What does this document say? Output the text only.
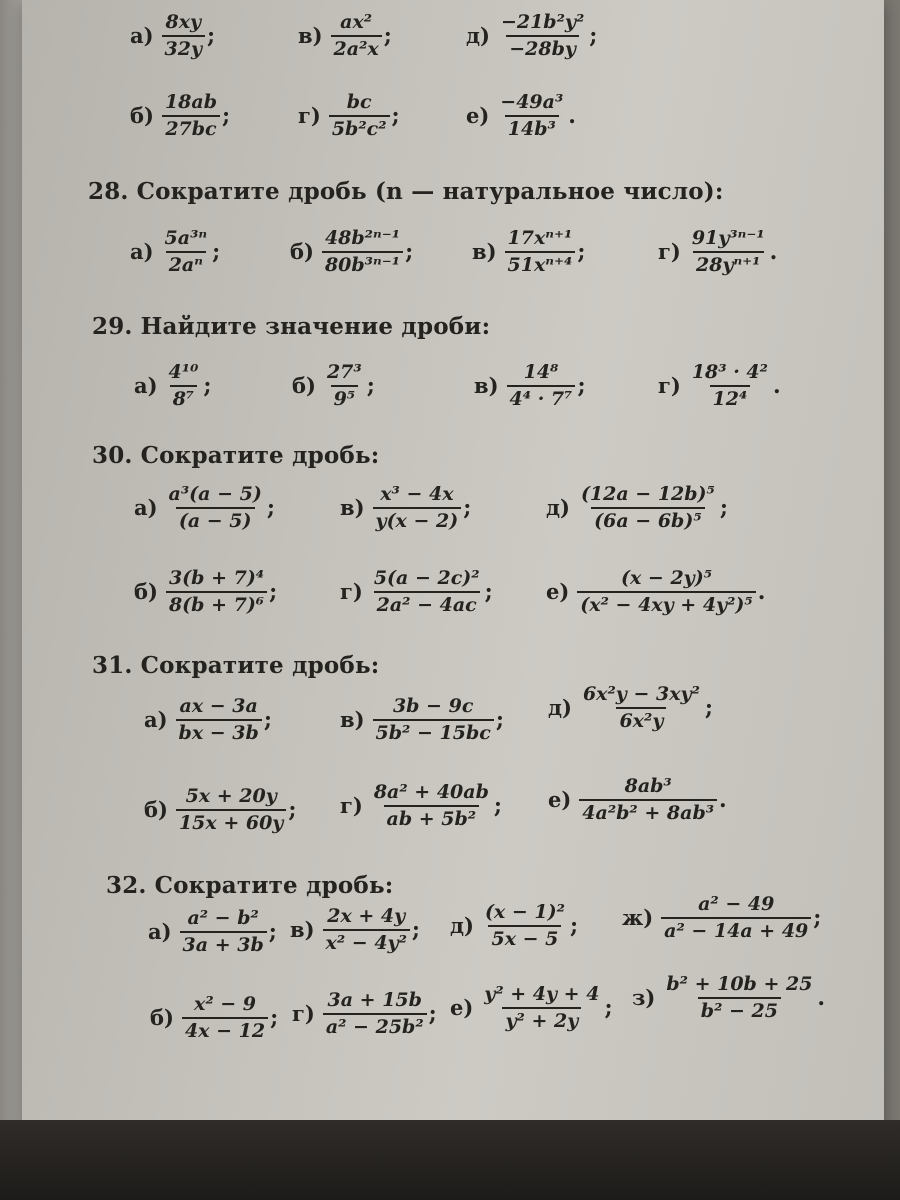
$а) \frac{8xy}{32y}$ ;	$в) \frac{\text{ax²}}{\text{2a²x}}$ ;	$д) \frac{\text{−21b²y²}}{-28by}$ ;
$б) \frac{18ab}{27bc}$ ;	$г) \frac{bc}{\text{5b²c²}}$ ;	$е) \frac{\text{−49a³}}{\text{14b³}}$ .
28. Сократите дробь (n — натуральное число):
$а) \frac{\text{5a³ⁿ}}{\text{2aⁿ}}$ ;	$б) \frac{\text{48b²ⁿ⁻¹}}{\text{80b³ⁿ⁻¹}}$ ;	$в) \frac{\text{17xⁿ⁺¹}}{\text{51xⁿ⁺⁴}}$ ;	$г) \frac{\text{91y³ⁿ⁻¹}}{\text{28yⁿ⁺¹}}$ .
29. Найдите значение дроби:
$а) \frac{\text{4¹⁰}}{\text{8⁷}}$ ;	$б) \frac{\text{27³}}{\text{9⁵}}$ ;	$в) \frac{\text{14⁸}}{\text{4⁴ · 7⁷}}$ ;	$г) \frac{\text{18³ · 4²}}{\text{12⁴}}$ .
30. Сократите дробь:
$а) \frac{\text{a³(a − 5)}}{(a - 5)}$ ;	$в) \frac{\text{x³ − 4x}}{y(x - 2)}$ ;	$д) \frac{\text{(12a − 12b)⁵}}{\text{(6a − 6b)⁵}}$ ;
$б) \frac{\text{3(b + 7)⁴}}{\text{8(b + 7)⁶}}$ ;	$г) \frac{\text{5(a − 2c)²}}{\text{2a² − 4ac}}$ ;	$е) \frac{\text{(x − 2y)⁵}}{\text{(x² − 4xy + 4y²)⁵}}$ .
31. Сократите дробь:
$а) \frac{ax - 3a}{bx - 3b}$ ;	$в) \frac{3b - 9c}{\text{5b² − 15bc}}$ ; $д) \frac{\text{6x²y − 3xy²}}{\text{6x²y}}$ ;
$б) \frac{5x + 20y}{15x + 60y}$ ; $г) \frac{\text{8a² + 40ab}}{\text{ab + 5b²}}$ ; $е) \frac{\text{8ab³}}{\text{4a²b² + 8ab³}}$ .
32. Сократите дробь:
$а) \frac{\text{a² − b²}}{3a + 3b}$ ; $в) \frac{2x + 4y}{\text{x² − 4y²}}$ ; $д) \frac{\text{(x − 1)²}}{5x - 5}$ ; $ж) \frac{\text{a² − 49}}{\text{a² − 14a + 49}}$ ;
$б) \frac{\text{x² − 9}}{4x - 12}$ ; $г) \frac{3a + 15b}{\text{a² − 25b²}}$ ; $е) \frac{\text{y² + 4y + 4}}{\text{y² + 2y}}$ ; $з) \frac{\text{b² + 10b + 25}}{\text{b² − 25}}$ .
